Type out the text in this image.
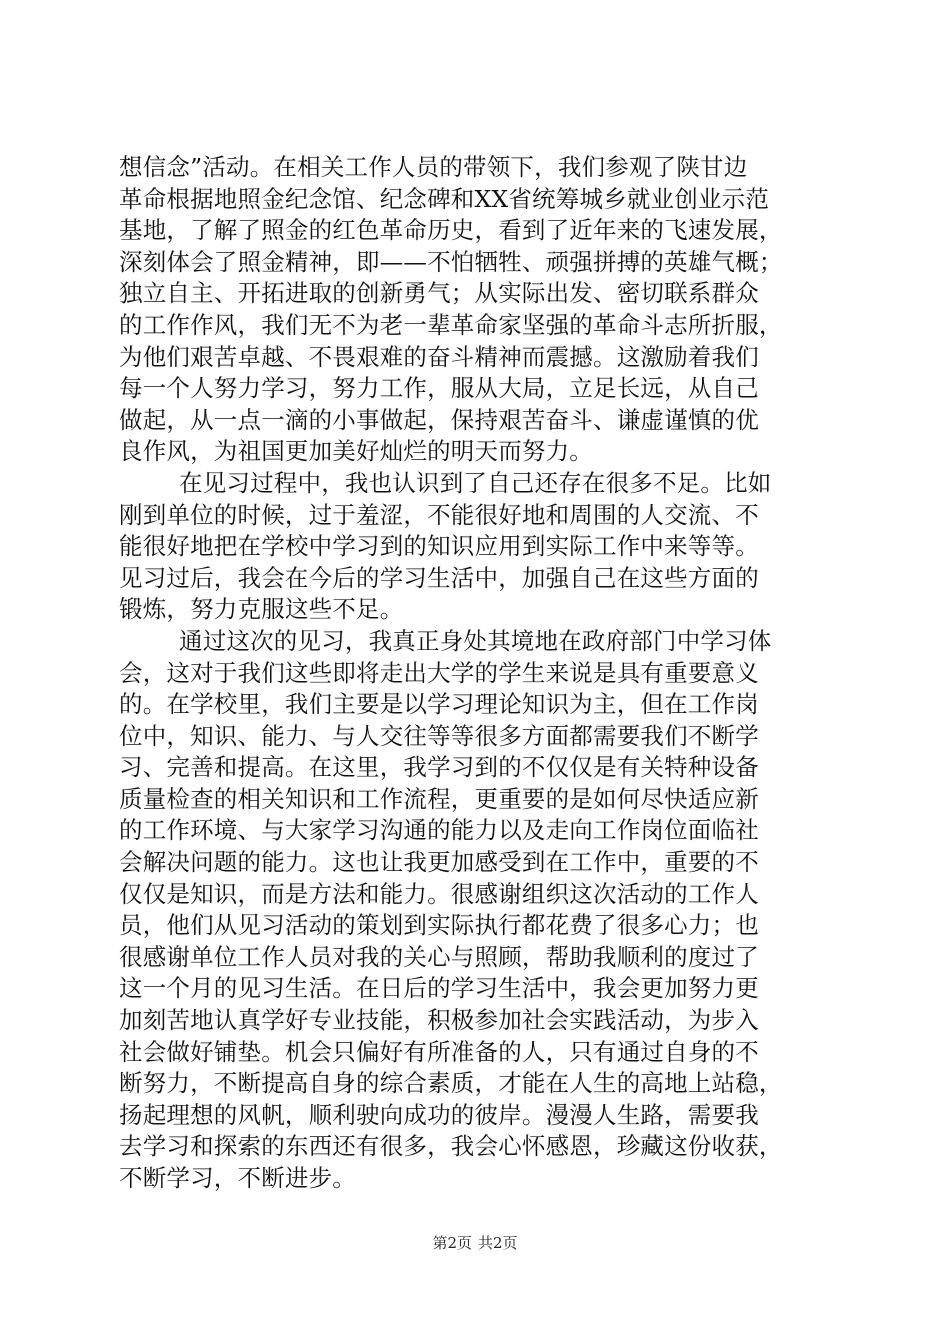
想信念”活动。在相关工作人员的带领下，我们参观了陕甘边
革命根据地照金纪念馆、纪念碑和XX省统筹城乡就业创业示范
基地，了解了照金的红色革命历史，看到了近年来的飞速发展，
深刻体会了照金精神，即——不怕牺牲、顽强拼搏的英雄气概；
独立自主、开拓进取的创新勇气；从实际出发、密切联系群众
的工作作风，我们无不为老一辈革命家坚强的革命斗志所折服，
为他们艰苦卓越、不畏艰难的奋斗精神而震撼。这激励着我们
每一个人努力学习，努力工作，服从大局，立足长远，从自己
做起，从一点一滴的小事做起，保持艰苦奋斗、谦虚谨慎的优
良作风，为祖国更加美好灿烂的明天而努力。
在见习过程中，我也认识到了自己还存在很多不足。比如
刚到单位的时候，过于羞涩，不能很好地和周围的人交流、不
能很好地把在学校中学习到的知识应用到实际工作中来等等。
见习过后，我会在今后的学习生活中，加强自己在这些方面的
锻炼，努力克服这些不足。
通过这次的见习，我真正身处其境地在政府部门中学习体
会，这对于我们这些即将走出大学的学生来说是具有重要意义
的。在学校里，我们主要是以学习理论知识为主，但在工作岗
位中，知识、能力、与人交往等等很多方面都需要我们不断学
习、完善和提高。在这里，我学习到的不仅仅是有关特种设备
质量检查的相关知识和工作流程，更重要的是如何尽快适应新
的工作环境、与大家学习沟通的能力以及走向工作岗位面临社
会解决问题的能力。这也让我更加感受到在工作中，重要的不
仅仅是知识，而是方法和能力。很感谢组织这次活动的工作人
员，他们从见习活动的策划到实际执行都花费了很多心力；也
很感谢单位工作人员对我的关心与照顾，帮助我顺利的度过了
这一个月的见习生活。在日后的学习生活中，我会更加努力更
加刻苦地认真学好专业技能，积极参加社会实践活动，为步入
社会做好铺垫。机会只偏好有所准备的人，只有通过自身的不
断努力，不断提高自身的综合素质，才能在人生的高地上站稳，
扬起理想的风帆，顺利驶向成功的彼岸。漫漫人生路，需要我
去学习和探索的东西还有很多，我会心怀感恩，珍藏这份收获，
不断学习，不断进步。
第2页 共2页
